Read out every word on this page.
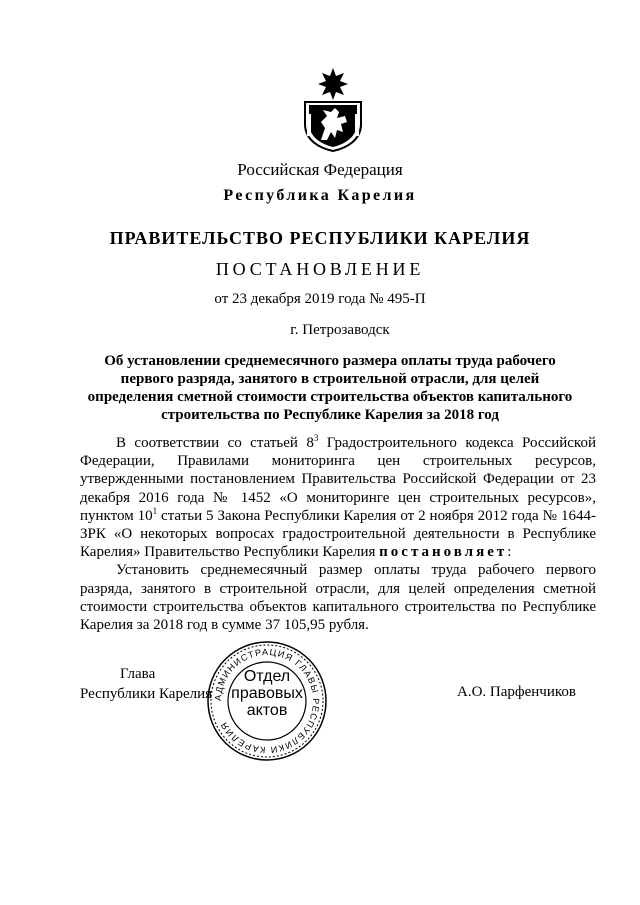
Российская Федерация
Республика Карелия
ПРАВИТЕЛЬСТВО РЕСПУБЛИКИ КАРЕЛИЯ
ПОСТАНОВЛЕНИЕ
от 23 декабря 2019 года № 495-П
г. Петрозаводск
Об установлении среднемесячного размера оплаты труда рабочего первого разряда, занятого в строительной отрасли, для целей определения сметной стоимости строительства объектов капитального строительства по Республике Карелия за 2018 год

В соответствии со статьей $8^3$ Градостроительного кодекса Российской Федерации, Правилами мониторинга цен строительных ресурсов, утвержденными постановлением Правительства Российской Федерации от 23 декабря 2016 года № 1452 «О мониторинге цен строительных ресурсов», пунктом $10^1$ статьи 5 Закона Республики Карелия от 2 ноября 2012 года № 1644-ЗРК «О некоторых вопросах градостроительной деятельности в Республике Карелия» Правительство Республики Карелия постановляет:

Установить среднемесячный размер оплаты труда рабочего первого разряда, занятого в строительной отрасли, для целей определения сметной стоимости строительства объектов капитального строительства по Республике Карелия за 2018 год в сумме 37 105,95 рубля.

Глава
Республики Карелия АДМИНИСТРАЦИЯ ГЛАВЫ РЕСПУБЛИКИ КАРЕЛИЯ
Отдел
правовых
актов
А.О. Парфенчиков
